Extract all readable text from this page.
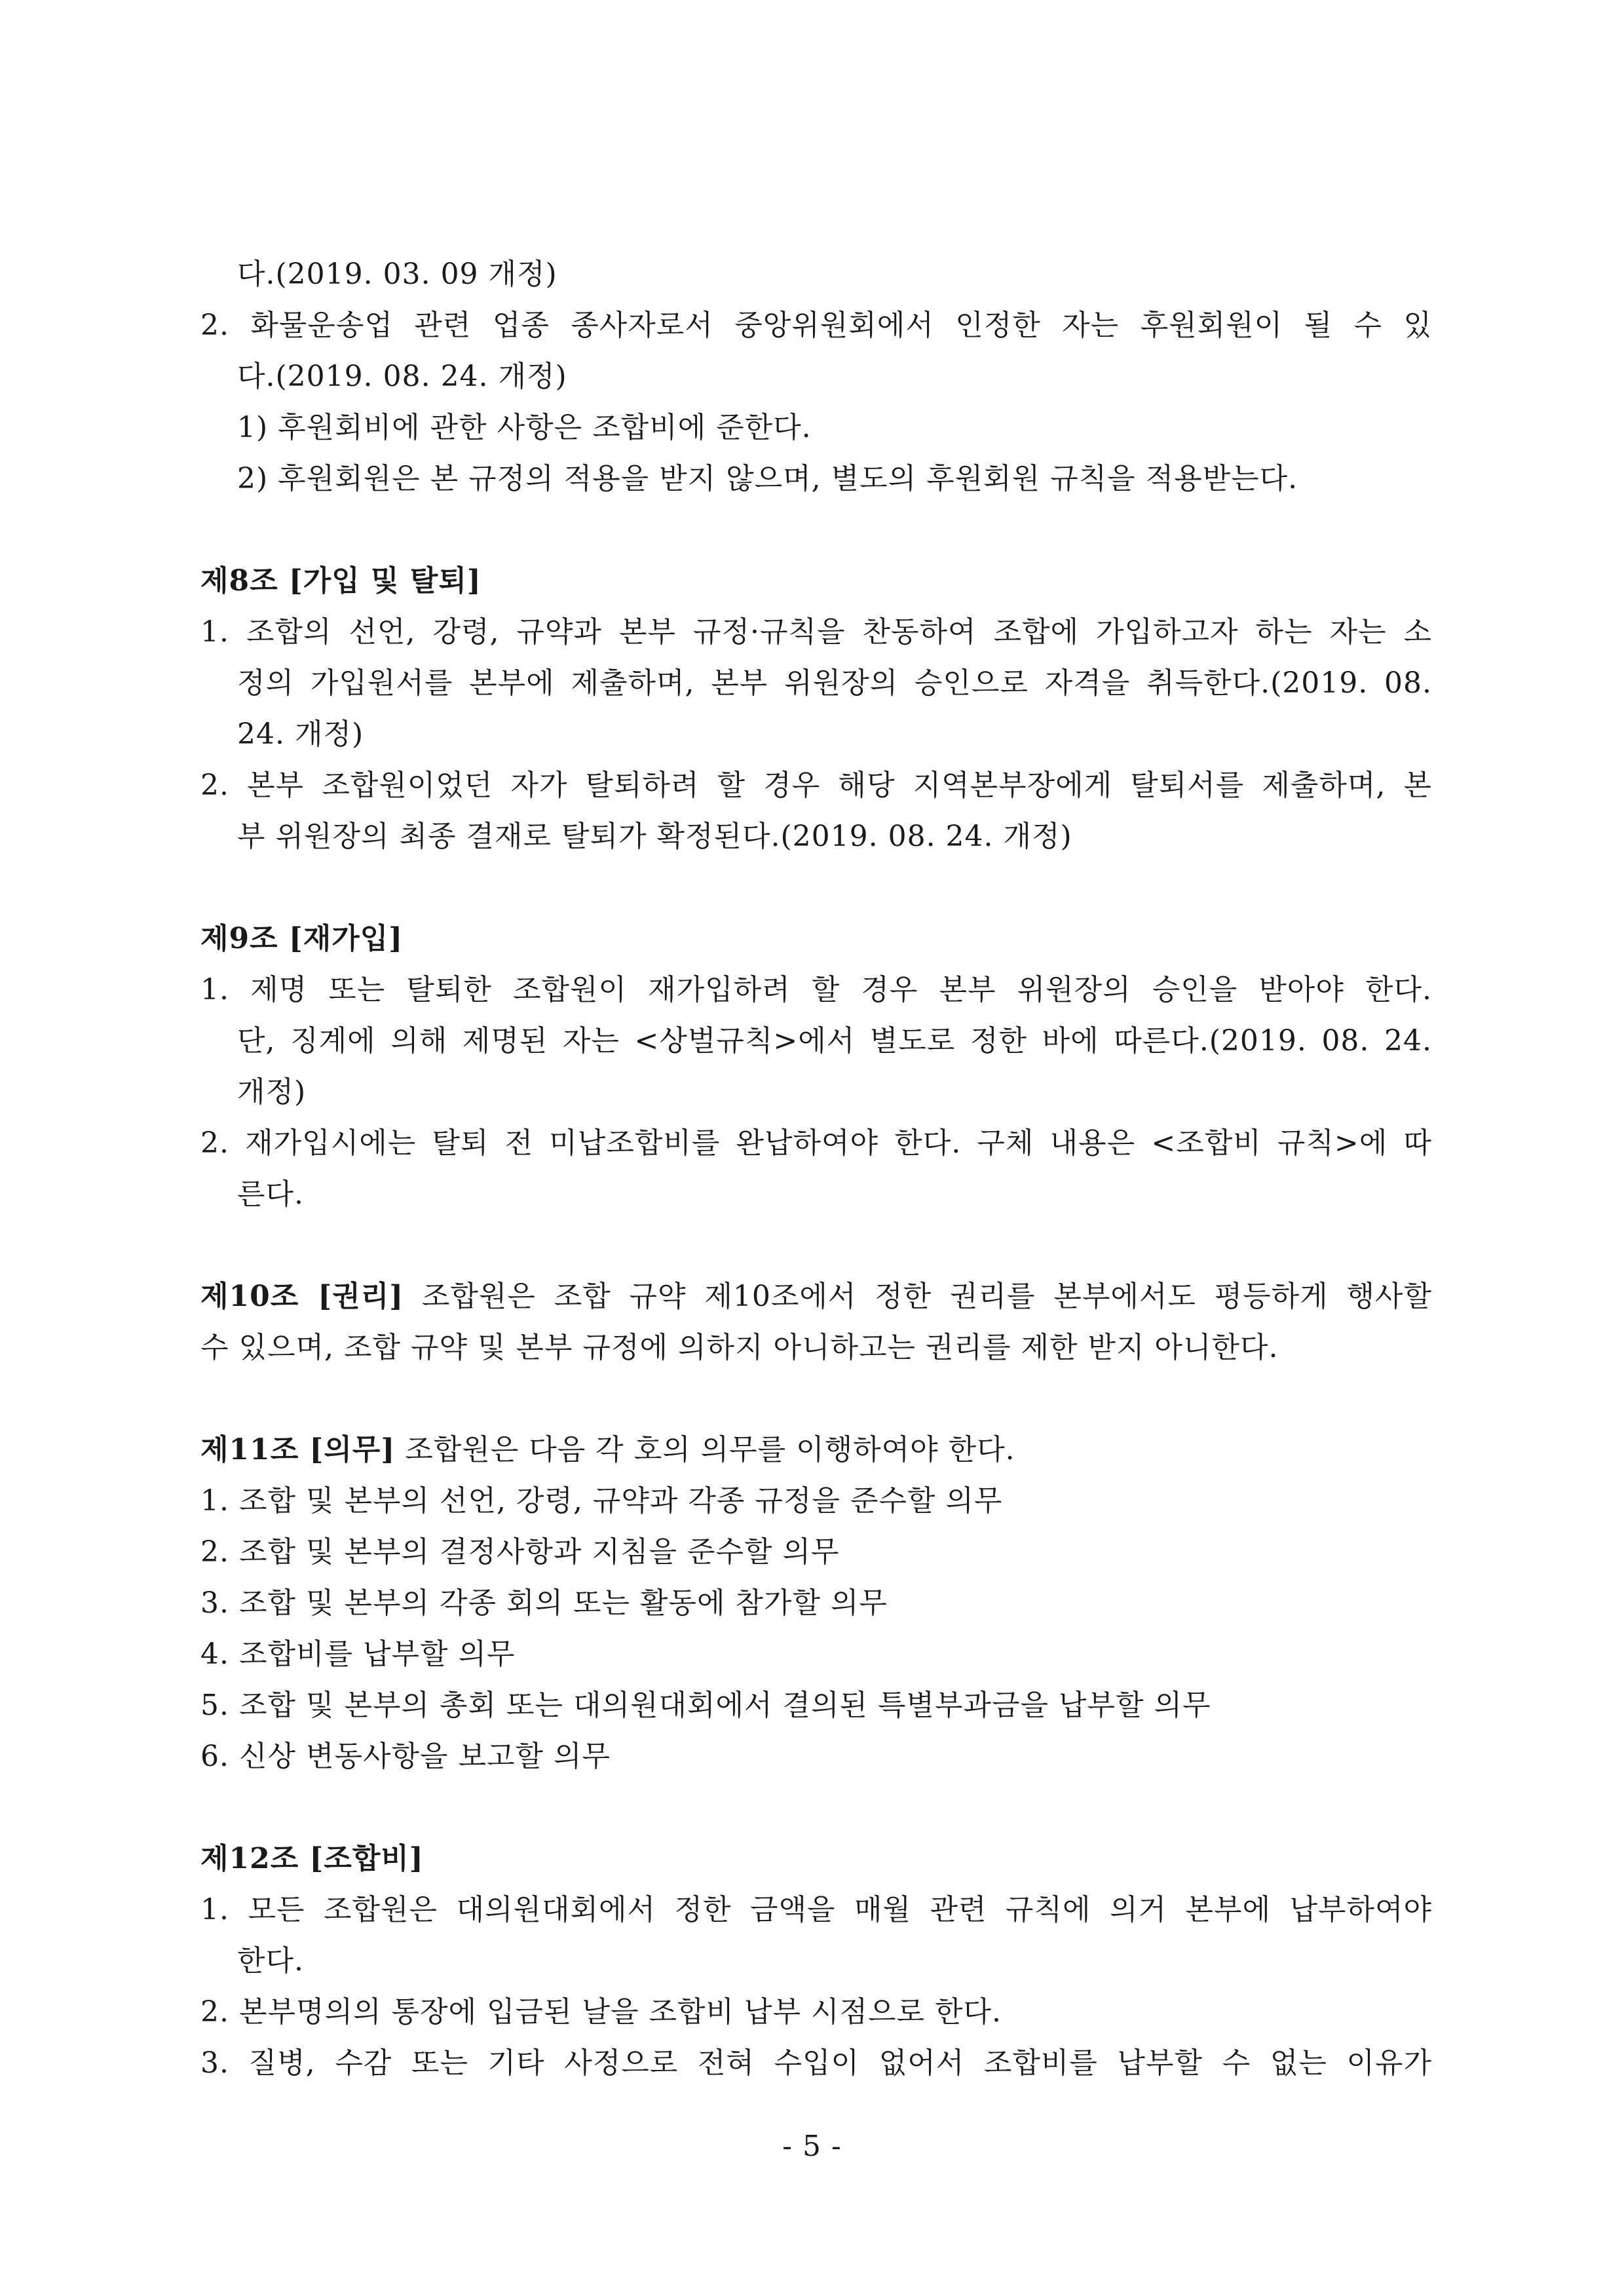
다.(2019. 03. 09 개정)
2. 화물운송업 관련 업종 종사자로서 중앙위원회에서 인정한 자는 후원회원이 될 수 있
다.(2019. 08. 24. 개정)
1) 후원회비에 관한 사항은 조합비에 준한다.
2) 후원회원은 본 규정의 적용을 받지 않으며, 별도의 후원회원 규칙을 적용받는다.
제8조 [가입 및 탈퇴]
1. 조합의 선언, 강령, 규약과 본부 규정·규칙을 찬동하여 조합에 가입하고자 하는 자는 소
정의 가입원서를 본부에 제출하며, 본부 위원장의 승인으로 자격을 취득한다.(2019. 08.
24. 개정)
2. 본부 조합원이었던 자가 탈퇴하려 할 경우 해당 지역본부장에게 탈퇴서를 제출하며, 본
부 위원장의 최종 결재로 탈퇴가 확정된다.(2019. 08. 24. 개정)
제9조 [재가입]
1. 제명 또는 탈퇴한 조합원이 재가입하려 할 경우 본부 위원장의 승인을 받아야 한다.
단, 징계에 의해 제명된 자는 <상벌규칙>에서 별도로 정한 바에 따른다.(2019. 08. 24.
개정)
2. 재가입시에는 탈퇴 전 미납조합비를 완납하여야 한다. 구체 내용은 <조합비 규칙>에 따
른다.
제10조 [권리] 조합원은 조합 규약 제10조에서 정한 권리를 본부에서도 평등하게 행사할
수 있으며, 조합 규약 및 본부 규정에 의하지 아니하고는 권리를 제한 받지 아니한다.
제11조 [의무] 조합원은 다음 각 호의 의무를 이행하여야 한다.
1. 조합 및 본부의 선언, 강령, 규약과 각종 규정을 준수할 의무
2. 조합 및 본부의 결정사항과 지침을 준수할 의무
3. 조합 및 본부의 각종 회의 또는 활동에 참가할 의무
4. 조합비를 납부할 의무
5. 조합 및 본부의 총회 또는 대의원대회에서 결의된 특별부과금을 납부할 의무
6. 신상 변동사항을 보고할 의무
제12조 [조합비]
1. 모든 조합원은 대의원대회에서 정한 금액을 매월 관련 규칙에 의거 본부에 납부하여야
한다.
2. 본부명의의 통장에 입금된 날을 조합비 납부 시점으로 한다.
3. 질병, 수감 또는 기타 사정으로 전혀 수입이 없어서 조합비를 납부할 수 없는 이유가
- 5 -
